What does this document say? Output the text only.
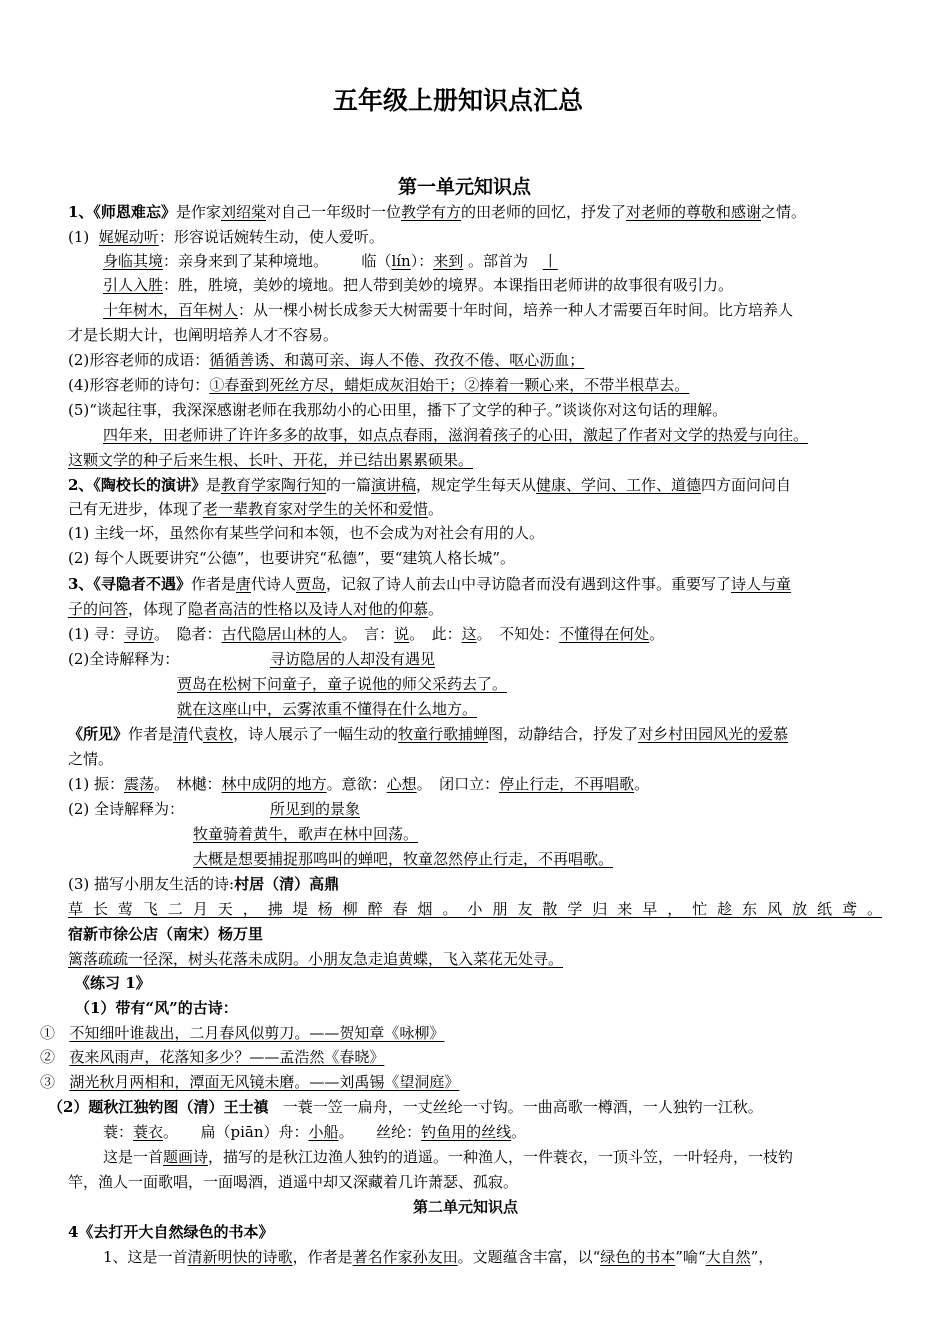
五年级上册知识点汇总
第一单元知识点
1、《师恩难忘》是作家刘绍棠对自己一年级时一位教学有方的田老师的回忆，抒发了对老师的尊敬和感谢之情。
(1) 娓娓动听：形容说话婉转生动，使人爱听。
身临其境：亲身来到了某种境地。 临（lín）：来到 。部首为 丨
引人入胜：胜，胜境，美妙的境地。把人带到美妙的境界。本课指田老师讲的故事很有吸引力。
十年树木，百年树人：从一棵小树长成参天大树需要十年时间，培养一种人才需要百年时间。比方培养人
才是长期大计，也阐明培养人才不容易。
(2)形容老师的成语：循循善诱、和蔼可亲、诲人不倦、孜孜不倦、呕心沥血；
(4)形容老师的诗句：①春蚕到死丝方尽，蜡炬成灰泪始干；②捧着一颗心来，不带半根草去。
(5)“谈起往事，我深深感谢老师在我那幼小的心田里，播下了文学的种子。”谈谈你对这句话的理解。
四年来，田老师讲了许许多多的故事，如点点春雨，滋润着孩子的心田，激起了作者对文学的热爱与向往。
这颗文学的种子后来生根、长叶、开花，并已结出累累硕果。
2、《陶校长的演讲》是教育学家陶行知的一篇演讲稿，规定学生每天从健康、学问、工作、道德四方面问问自
己有无进步，体现了老一辈教育家对学生的关怀和爱惜。
(1) 主线一坏，虽然你有某些学问和本领，也不会成为对社会有用的人。
(2) 每个人既要讲究“公德”，也要讲究“私德”，要“建筑人格长城”。
3、《寻隐者不遇》作者是唐代诗人贾岛，记叙了诗人前去山中寻访隐者而没有遇到这件事。重要写了诗人与童
子的问答，体现了隐者高洁的性格以及诗人对他的仰慕。
(1) 寻：寻访。　隐者：古代隐居山林的人。　言：说。　此：这。　不知处：不懂得在何处。
(2)全诗解释为：	寻访隐居的人却没有遇见
贾岛在松树下问童子，童子说他的师父采药去了。
就在这座山中，云雾浓重不懂得在什么地方。
《所见》作者是清代袁枚，诗人展示了一幅生动的牧童行歌捕蝉图，动静结合，抒发了对乡村田园风光的爱慕
之情。
(1) 振：震荡。　林樾：林中成阴的地方。意欲：心想。　闭口立：停止行走，不再唱歌。
(2) 全诗解释为：	所见到的景象
牧童骑着黄牛，歌声在林中回荡。
大概是想要捕捉那鸣叫的蝉吧，牧童忽然停止行走，不再唱歌。
(3) 描写小朋友生活的诗:村居（清）高鼎
草长莺飞二月天，拂堤杨柳醉春烟。小朋友散学归来早，忙趁东风放纸鸢。
宿新市徐公店（南宋）杨万里
篱落疏疏一径深，树头花落未成阴。小朋友急走追黄蝶，飞入菜花无处寻。
《练习 1》
（1）带有“风”的古诗：
① 不知细叶谁裁出，二月春风似剪刀。——贺知章《咏柳》
② 夜来风雨声，花落知多少？——孟浩然《春晓》
③ 湖光秋月两相和，潭面无风镜未磨。——刘禹锡《望洞庭》
（2）题秋江独钓图（清）王士禛 一蓑一笠一扁舟，一丈丝纶一寸钩。一曲高歌一樽酒，一人独钓一江秋。
蓑：蓑衣。　　扁（piān）舟：小船。　　丝纶：钓鱼用的丝线。
这是一首题画诗，描写的是秋江边渔人独钓的逍遥。一种渔人，一件蓑衣，一顶斗笠，一叶轻舟，一枝钓
竿，渔人一面歌唱，一面喝酒，逍遥中却又深藏着几许萧瑟、孤寂。
第二单元知识点
4《去打开大自然绿色的书本》
1、这是一首清新明快的诗歌，作者是著名作家孙友田。文题蕴含丰富，以“绿色的书本”喻“大自然”，
